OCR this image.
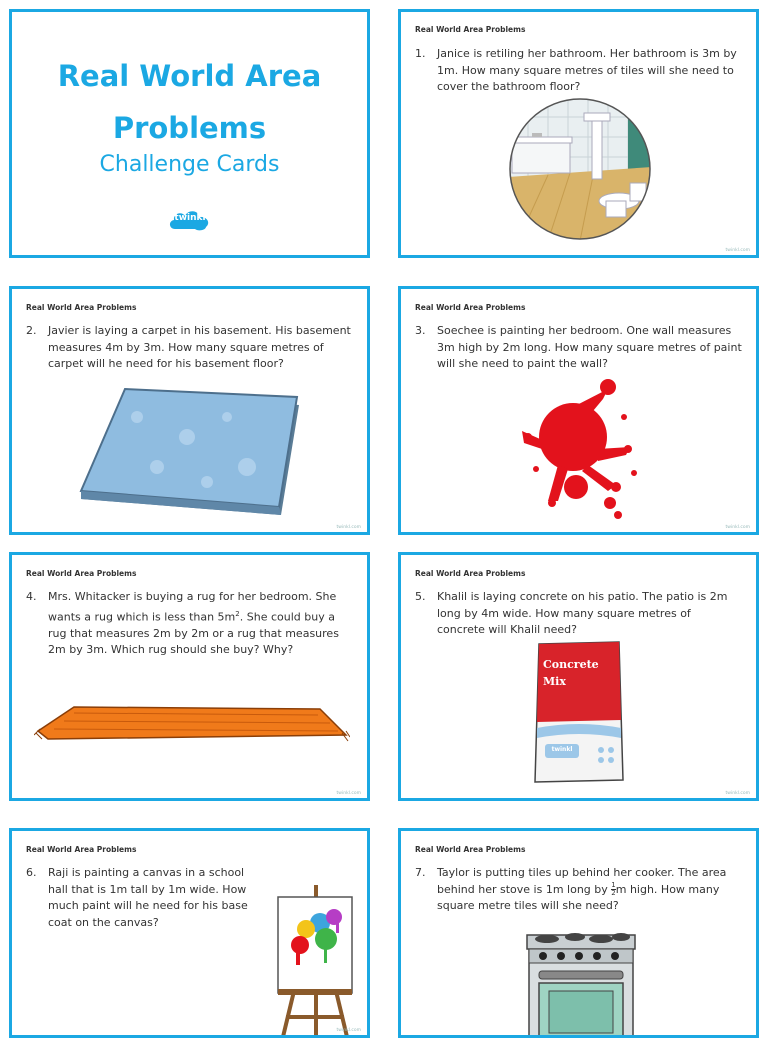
Real World Area
Problems
Challenge Cards
twinkl
Real World Area Problems
1.	Janice is retiling her bathroom. Her bathroom is 3m by 1m. How many square metres of tiles will she need to cover the bathroom floor?
twinkl.com
Real World Area Problems
2.	Javier is laying a carpet in his basement. His basement measures 4m by 3m. How many square metres of carpet will he need for his basement floor?
twinkl.com
Real World Area Problems
3.	Soechee is painting her bedroom. One wall measures 3m high by 2m long. How many square metres of paint will she need to paint the wall?
twinkl.com
Real World Area Problems
4.	Mrs. Whitacker is buying a rug for her bedroom. She wants a rug which is less than $5m^2$. She could buy a rug that measures 2m by 2m or a rug that measures 2m by 3m. Which rug should she buy? Why?
twinkl.com
Real World Area Problems
5.	Khalil is laying concrete on his patio. The patio is 2m long by 4m wide. How many square metres of concrete will Khalil need?
Concrete
Mix
twinkl
twinkl.com
Real World Area Problems
6.	Raji is painting a canvas in a school hall that is 1m tall by 1m wide. How much paint will he need for his base coat on the canvas?
twinkl.com
Real World Area Problems
7.	Taylor is putting tiles up behind her cooker. The area behind her stove is 1m long by $\frac{1}{2}$ m high. How many square metre tiles will she need?
